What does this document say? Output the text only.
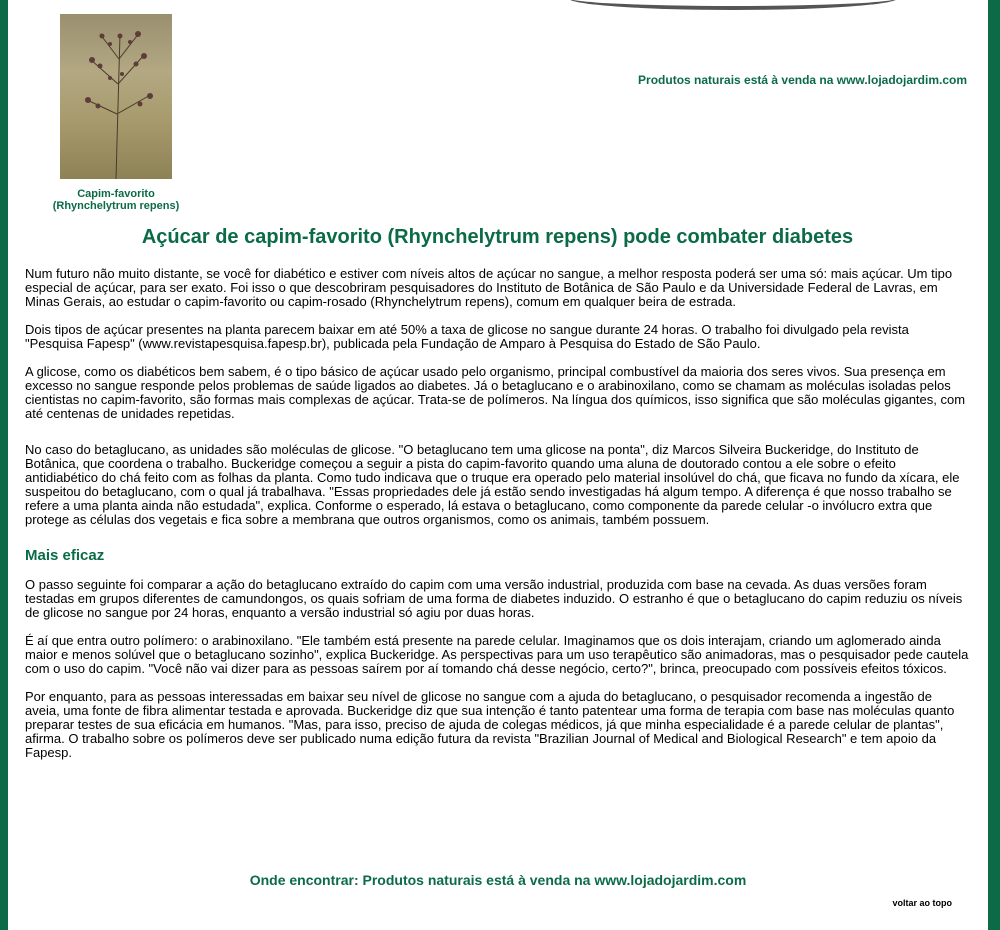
Capim-favorito
(Rhynchelytrum repens)
Produtos naturais está à venda na www.lojadojardim.com
Açúcar de capim-favorito (Rhynchelytrum repens) pode combater diabetes

Num futuro não muito distante, se você for diabético e estiver com níveis altos de açúcar no sangue, a melhor resposta poderá ser uma só: mais açúcar. Um tipo especial de açúcar, para ser exato. Foi isso o que descobriram pesquisadores do Instituto de Botânica de São Paulo e da Universidade Federal de Lavras, em Minas Gerais, ao estudar o capim-favorito ou capim-rosado (Rhynchelytrum repens), comum em qualquer beira de estrada.

Dois tipos de açúcar presentes na planta parecem baixar em até 50% a taxa de glicose no sangue durante 24 horas. O trabalho foi divulgado pela revista "Pesquisa Fapesp" (www.revistapesquisa.fapesp.br), publicada pela Fundação de Amparo à Pesquisa do Estado de São Paulo.

A glicose, como os diabéticos bem sabem, é o tipo básico de açúcar usado pelo organismo, principal combustível da maioria dos seres vivos. Sua presença em excesso no sangue responde pelos problemas de saúde ligados ao diabetes. Já o betaglucano e o arabinoxilano, como se chamam as moléculas isoladas pelos cientistas no capim-favorito, são formas mais complexas de açúcar. Trata-se de polímeros. Na língua dos químicos, isso significa que são moléculas gigantes, com até centenas de unidades repetidas.

No caso do betaglucano, as unidades são moléculas de glicose. "O betaglucano tem uma glicose na ponta", diz Marcos Silveira Buckeridge, do Instituto de Botânica, que coordena o trabalho. Buckeridge começou a seguir a pista do capim-favorito quando uma aluna de doutorado contou a ele sobre o efeito antidiabético do chá feito com as folhas da planta. Como tudo indicava que o truque era operado pelo material insolúvel do chá, que ficava no fundo da xícara, ele suspeitou do betaglucano, com o qual já trabalhava. "Essas propriedades dele já estão sendo investigadas há algum tempo. A diferença é que nosso trabalho se refere a uma planta ainda não estudada", explica. Conforme o esperado, lá estava o betaglucano, como componente da parede celular -o invólucro extra que protege as células dos vegetais e fica sobre a membrana que outros organismos, como os animais, também possuem.

Mais eficaz

O passo seguinte foi comparar a ação do betaglucano extraído do capim com uma versão industrial, produzida com base na cevada. As duas versões foram testadas em grupos diferentes de camundongos, os quais sofriam de uma forma de diabetes induzido. O estranho é que o betaglucano do capim reduziu os níveis de glicose no sangue por 24 horas, enquanto a versão industrial só agiu por duas horas.

É aí que entra outro polímero: o arabinoxilano. "Ele também está presente na parede celular. Imaginamos que os dois interajam, criando um aglomerado ainda maior e menos solúvel que o betaglucano sozinho", explica Buckeridge. As perspectivas para um uso terapêutico são animadoras, mas o pesquisador pede cautela com o uso do capim. "Você não vai dizer para as pessoas saírem por aí tomando chá desse negócio, certo?", brinca, preocupado com possíveis efeitos tóxicos.

Por enquanto, para as pessoas interessadas em baixar seu nível de glicose no sangue com a ajuda do betaglucano, o pesquisador recomenda a ingestão de aveia, uma fonte de fibra alimentar testada e aprovada. Buckeridge diz que sua intenção é tanto patentear uma forma de terapia com base nas moléculas quanto preparar testes de sua eficácia em humanos. "Mas, para isso, preciso de ajuda de colegas médicos, já que minha especialidade é a parede celular de plantas", afirma. O trabalho sobre os polímeros deve ser publicado numa edição futura da revista "Brazilian Journal of Medical and Biological Research" e tem apoio da Fapesp.

Onde encontrar: Produtos naturais está à venda na www.lojadojardim.com
voltar ao topo
